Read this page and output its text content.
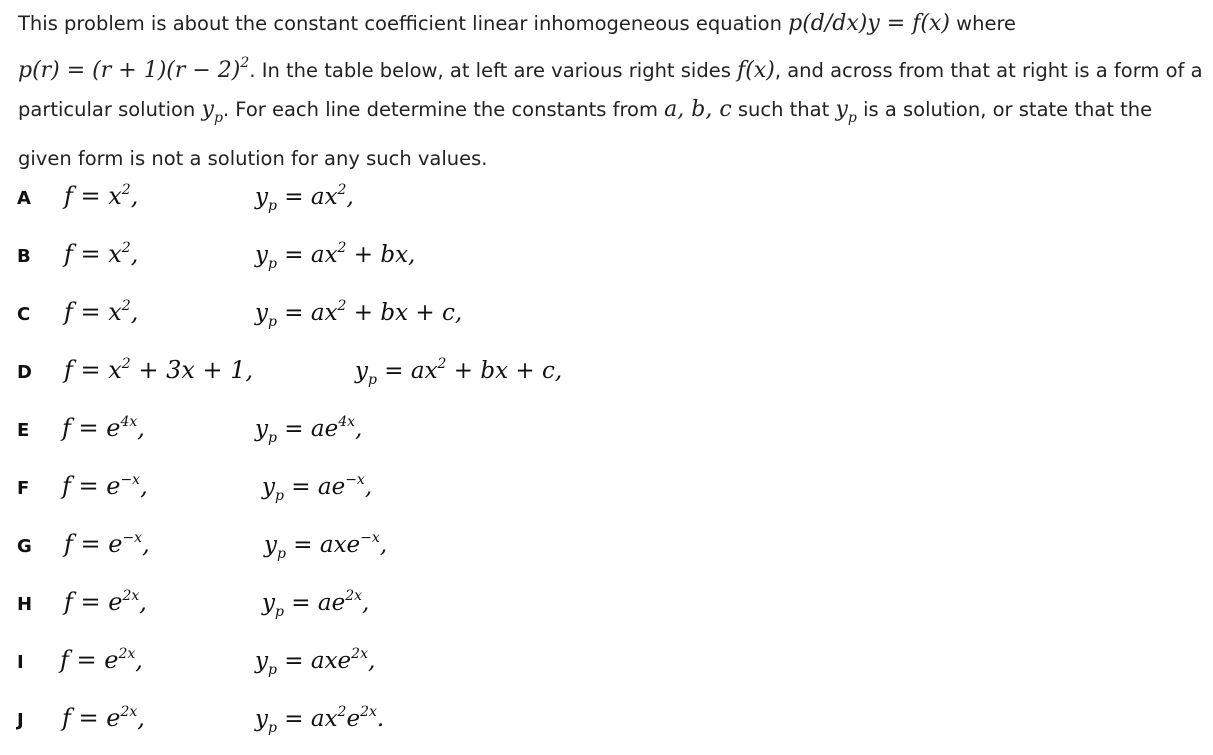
This problem is about the constant coefficient linear inhomogeneous equation p(d/dx)y = f(x) where
$p(r) = (r + 1)(r - 2)^2$. In the table below, at left are various right sides f(x), and across from that at right is a form of a particular solution $y_p$. For each line determine the constants from a, b, c such that $y_p$ is a solution, or state that the given form is not a solution for any such values.
A $f = x^2$,	$y_p = ax^2$,
B $f = x^2$,	$y_p = ax^2$ + bx,
C $f = x^2$,	$y_p = ax^2$ + bx + c,
D $f = x^2 + 3x + 1$,	$y_p = ax^2$ + bx + c,
E $f = e^{4x}$,	$y_p = ae^{4x}$,
F $f = e^{-x}$,	$y_p = ae^{-x}$,
G $f = e^{-x}$,	$y_p = axe^{-x}$,
H $f = e^{2x}$,	$y_p = ae^{2x}$,
I $f = e^{2x}$,	$y_p = axe^{2x}$,
J $f = e^{2x}$,	$y_p = ax^2e^{2x}$.
